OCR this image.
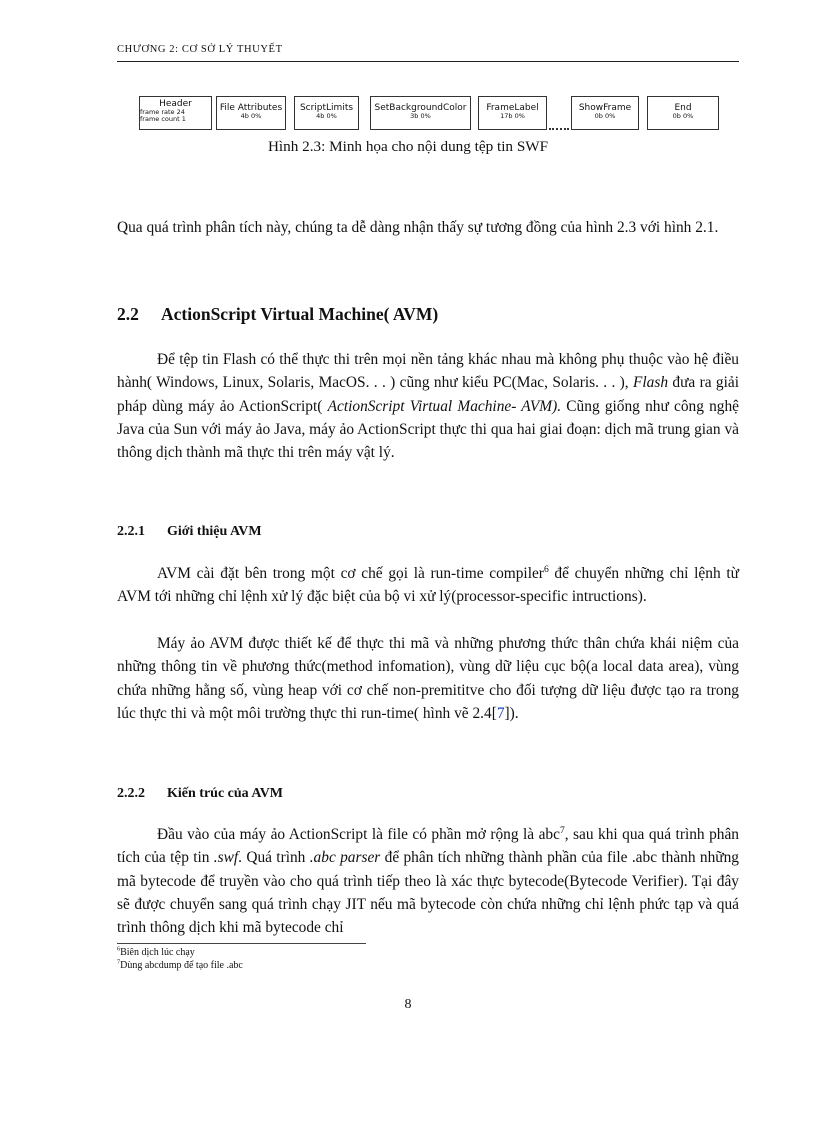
CHƯƠNG 2: CƠ SỞ LÝ THUYẾT
Header
frame rate 24
frame count 1
File Attributes
4b 0%
ScriptLimits
4b 0%
SetBackgroundColor
3b 0%
FrameLabel
17b 0%
ShowFrame
0b 0%
End
0b 0%
Hình 2.3: Minh họa cho nội dung tệp tin SWF

Qua quá trình phân tích này, chúng ta dễ dàng nhận thấy sự tương đồng của hình 2.3 với hình 2.1.

2.2 ActionScript Virtual Machine( AVM)

Để tệp tin Flash có thể thực thi trên mọi nền tảng khác nhau mà không phụ thuộc vào hệ điều hành( Windows, Linux, Solaris, MacOS. . . ) cũng như kiểu PC(Mac, Solaris. . . ), Flash đưa ra giải pháp dùng máy ảo ActionScript( ActionScript Virtual Machine- AVM). Cũng giống như công nghệ Java của Sun với máy ảo Java, máy ảo ActionScript thực thi qua hai giai đoạn: dịch mã trung gian và thông dịch thành mã thực thi trên máy vật lý.

2.2.1 Giới thiệu AVM

AVM cài đặt bên trong một cơ chế gọi là run-time compiler$^6$ để chuyển những chỉ lệnh từ AVM tới những chỉ lệnh xử lý đặc biệt của bộ vi xử lý(processor-specific intructions).

Máy ảo AVM được thiết kế để thực thi mã và những phương thức thân chứa khái niệm của những thông tin về phương thức(method infomation), vùng dữ liệu cục bộ(a local data area), vùng chứa những hằng số, vùng heap với cơ chế non-premititve cho đối tượng dữ liệu được tạo ra trong lúc thực thi và một môi trường thực thi run-time( hình vẽ 2.4[7]).

2.2.2 Kiến trúc của AVM

Đầu vào của máy ảo ActionScript là file có phần mở rộng là abc$^7$, sau khi qua quá trình phân tích của tệp tin .swf. Quá trình .abc parser để phân tích những thành phần của file .abc thành những mã bytecode để truyền vào cho quá trình tiếp theo là xác thực bytecode(Bytecode Verifier). Tại đây sẽ được chuyển sang quá trình chạy JIT nếu mã bytecode còn chứa những chỉ lệnh phức tạp và quá trình thông dịch khi mã bytecode chỉ

$^6$Biên dịch lúc chạy
$^7$Dùng abcdump để tạo file .abc
8
